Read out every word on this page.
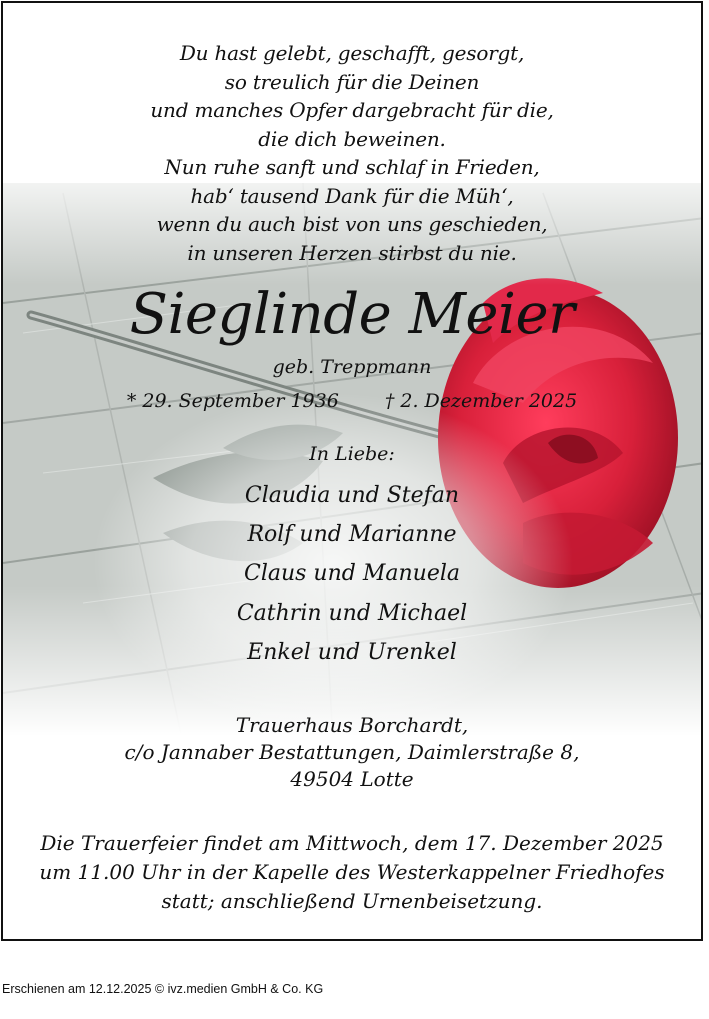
Du hast gelebt, geschafft, gesorgt,
so treulich für die Deinen
und manches Opfer dargebracht für die,
die dich beweinen.
Nun ruhe sanft und schlaf in Frieden,
hab‘ tausend Dank für die Müh‘,
wenn du auch bist von uns geschieden,
in unseren Herzen stirbst du nie.
Sieglinde Meier
geb. Treppmann
* 29. September 1936 † 2. Dezember 2025
In Liebe:
Claudia und Stefan
Rolf und Marianne
Claus und Manuela
Cathrin und Michael
Enkel und Urenkel
Trauerhaus Borchardt,
c/o Jannaber Bestattungen, Daimlerstraße 8,
49504 Lotte
Die Trauerfeier findet am Mittwoch, dem 17. Dezember 2025
um 11.00 Uhr in der Kapelle des Westerkappelner Friedhofes
statt; anschließend Urnenbeisetzung.
Erschienen am 12.12.2025 © ivz.medien GmbH & Co. KG
